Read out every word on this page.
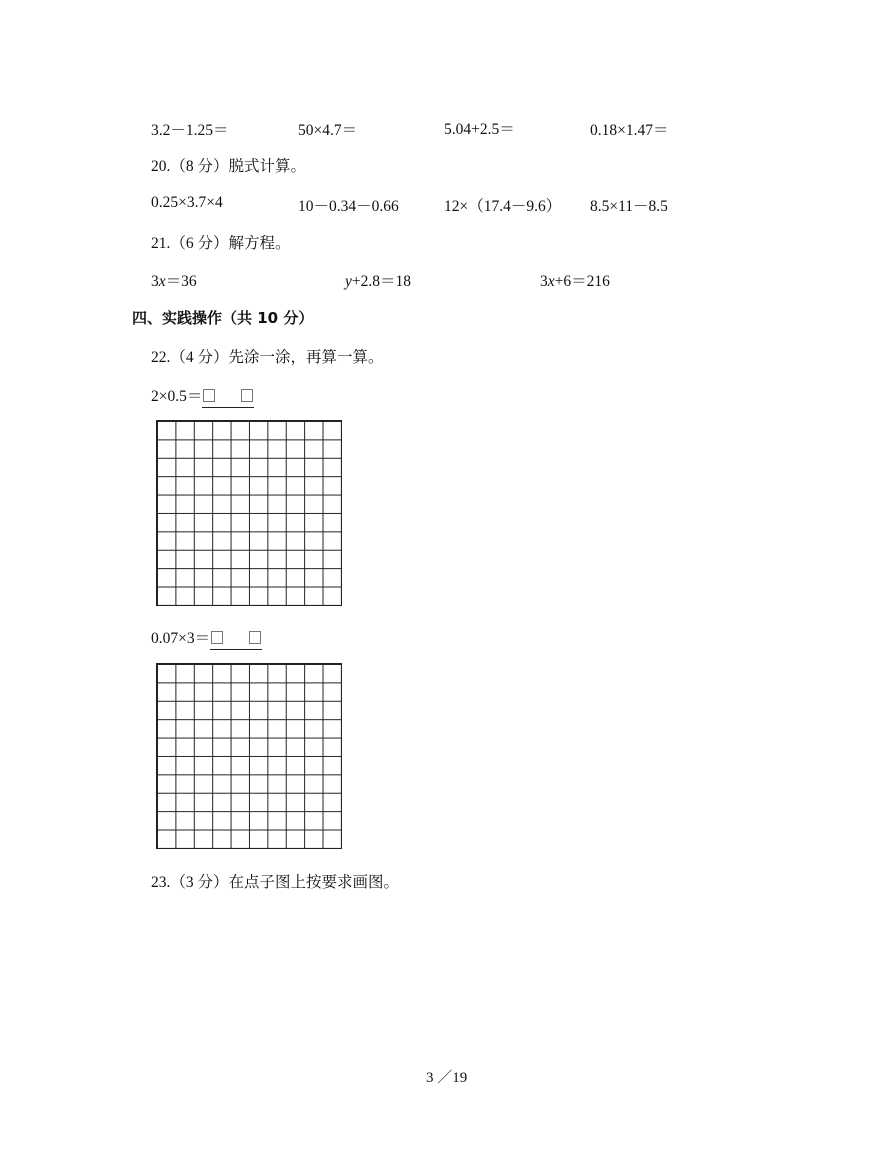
3.2－1.25＝	50×4.7＝	5.04+2.5＝	0.18×1.47＝
20.（8 分）脱式计算。
0.25×3.7×4	10－0.34－0.66	12×（17.4－9.6） 8.5×11－8.5
21.（6 分）解方程。
3x＝36	y+2.8＝18	3x+6＝216
四、实践操作（共 10 分）
22.（4 分）先涂一涂，再算一算。
2×0.5＝
0.07×3＝
23.（3 分）在点子图上按要求画图。
3 ／19
